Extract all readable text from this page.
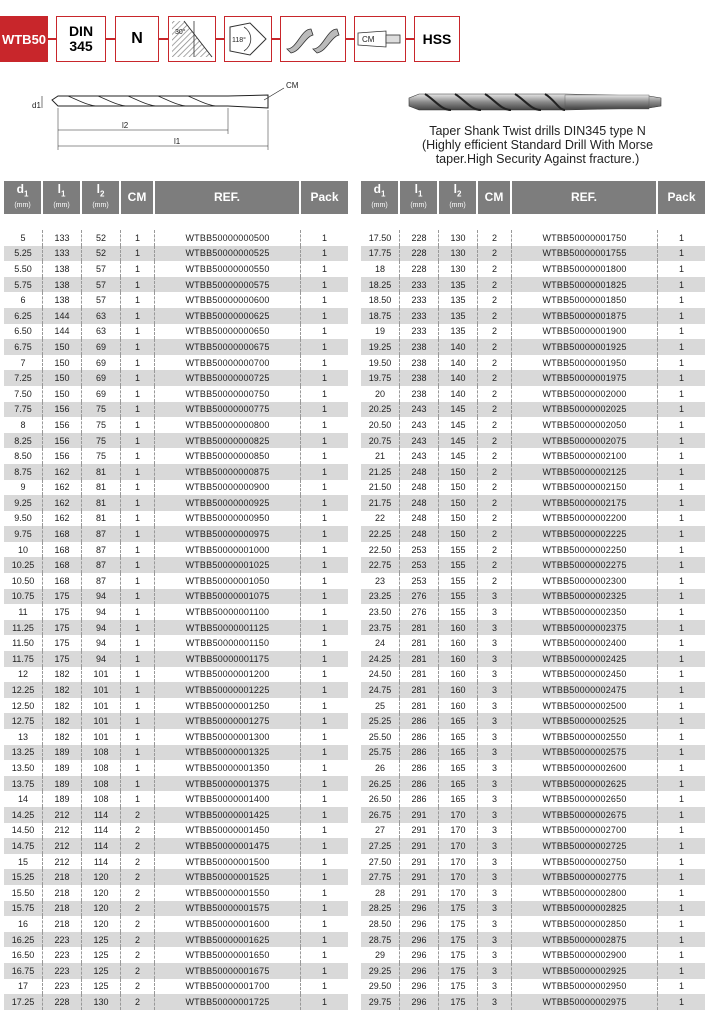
WTB50 DIN
345 N	30°
118°	CM	HSS
CM
d1
l2
l1
Taper Shank Twist drills DIN345 type N
(Highly efficient Standard Drill With Morse
taper.High Security Against fracture.)
$d_1$
(mm)	$l_1$
(mm)	$l_2$
(mm)	CM	REF.	Pack

5	133	52	1	WTBB50000000500	1
5.25	133	52	1	WTBB50000000525	1
5.50	138	57	1	WTBB50000000550	1
5.75	138	57	1	WTBB50000000575	1
6	138	57	1	WTBB50000000600	1
6.25	144	63	1	WTBB50000000625	1
6.50	144	63	1	WTBB50000000650	1
6.75	150	69	1	WTBB50000000675	1
7	150	69	1	WTBB50000000700	1
7.25	150	69	1	WTBB50000000725	1
7.50	150	69	1	WTBB50000000750	1
7.75	156	75	1	WTBB50000000775	1
8	156	75	1	WTBB50000000800	1
8.25	156	75	1	WTBB50000000825	1
8.50	156	75	1	WTBB50000000850	1
8.75	162	81	1	WTBB50000000875	1
9	162	81	1	WTBB50000000900	1
9.25	162	81	1	WTBB50000000925	1
9.50	162	81	1	WTBB50000000950	1
9.75	168	87	1	WTBB50000000975	1
10	168	87	1	WTBB50000001000	1
10.25	168	87	1	WTBB50000001025	1
10.50	168	87	1	WTBB50000001050	1
10.75	175	94	1	WTBB50000001075	1
11	175	94	1	WTBB50000001100	1
11.25	175	94	1	WTBB50000001125	1
11.50	175	94	1	WTBB50000001150	1
11.75	175	94	1	WTBB50000001175	1
12	182	101	1	WTBB50000001200	1
12.25	182	101	1	WTBB50000001225	1
12.50	182	101	1	WTBB50000001250	1
12.75	182	101	1	WTBB50000001275	1
13	182	101	1	WTBB50000001300	1
13.25	189	108	1	WTBB50000001325	1
13.50	189	108	1	WTBB50000001350	1
13.75	189	108	1	WTBB50000001375	1
14	189	108	1	WTBB50000001400	1
14.25	212	114	2	WTBB50000001425	1
14.50	212	114	2	WTBB50000001450	1
14.75	212	114	2	WTBB50000001475	1
15	212	114	2	WTBB50000001500	1
15.25	218	120	2	WTBB50000001525	1
15.50	218	120	2	WTBB50000001550	1
15.75	218	120	2	WTBB50000001575	1
16	218	120	2	WTBB50000001600	1
16.25	223	125	2	WTBB50000001625	1
16.50	223	125	2	WTBB50000001650	1
16.75	223	125	2	WTBB50000001675	1
17	223	125	2	WTBB50000001700	1
17.25	228	130	2	WTBB50000001725	1
$d_1$
(mm)	$l_1$
(mm)	$l_2$
(mm)	CM	REF.	Pack

17.50	228	130	2	WTBB50000001750	1
17.75	228	130	2	WTBB50000001755	1
18	228	130	2	WTBB50000001800	1
18.25	233	135	2	WTBB50000001825	1
18.50	233	135	2	WTBB50000001850	1
18.75	233	135	2	WTBB50000001875	1
19	233	135	2	WTBB50000001900	1
19.25	238	140	2	WTBB50000001925	1
19.50	238	140	2	WTBB50000001950	1
19.75	238	140	2	WTBB50000001975	1
20	238	140	2	WTBB50000002000	1
20.25	243	145	2	WTBB50000002025	1
20.50	243	145	2	WTBB50000002050	1
20.75	243	145	2	WTBB50000002075	1
21	243	145	2	WTBB50000002100	1
21.25	248	150	2	WTBB50000002125	1
21.50	248	150	2	WTBB50000002150	1
21.75	248	150	2	WTBB50000002175	1
22	248	150	2	WTBB50000002200	1
22.25	248	150	2	WTBB50000002225	1
22.50	253	155	2	WTBB50000002250	1
22.75	253	155	2	WTBB50000002275	1
23	253	155	2	WTBB50000002300	1
23.25	276	155	3	WTBB50000002325	1
23.50	276	155	3	WTBB50000002350	1
23.75	281	160	3	WTBB50000002375	1
24	281	160	3	WTBB50000002400	1
24.25	281	160	3	WTBB50000002425	1
24.50	281	160	3	WTBB50000002450	1
24.75	281	160	3	WTBB50000002475	1
25	281	160	3	WTBB50000002500	1
25.25	286	165	3	WTBB50000002525	1
25.50	286	165	3	WTBB50000002550	1
25.75	286	165	3	WTBB50000002575	1
26	286	165	3	WTBB50000002600	1
26.25	286	165	3	WTBB50000002625	1
26.50	286	165	3	WTBB50000002650	1
26.75	291	170	3	WTBB50000002675	1
27	291	170	3	WTBB50000002700	1
27.25	291	170	3	WTBB50000002725	1
27.50	291	170	3	WTBB50000002750	1
27.75	291	170	3	WTBB50000002775	1
28	291	170	3	WTBB50000002800	1
28.25	296	175	3	WTBB50000002825	1
28.50	296	175	3	WTBB50000002850	1
28.75	296	175	3	WTBB50000002875	1
29	296	175	3	WTBB50000002900	1
29.25	296	175	3	WTBB50000002925	1
29.50	296	175	3	WTBB50000002950	1
29.75	296	175	3	WTBB50000002975	1
